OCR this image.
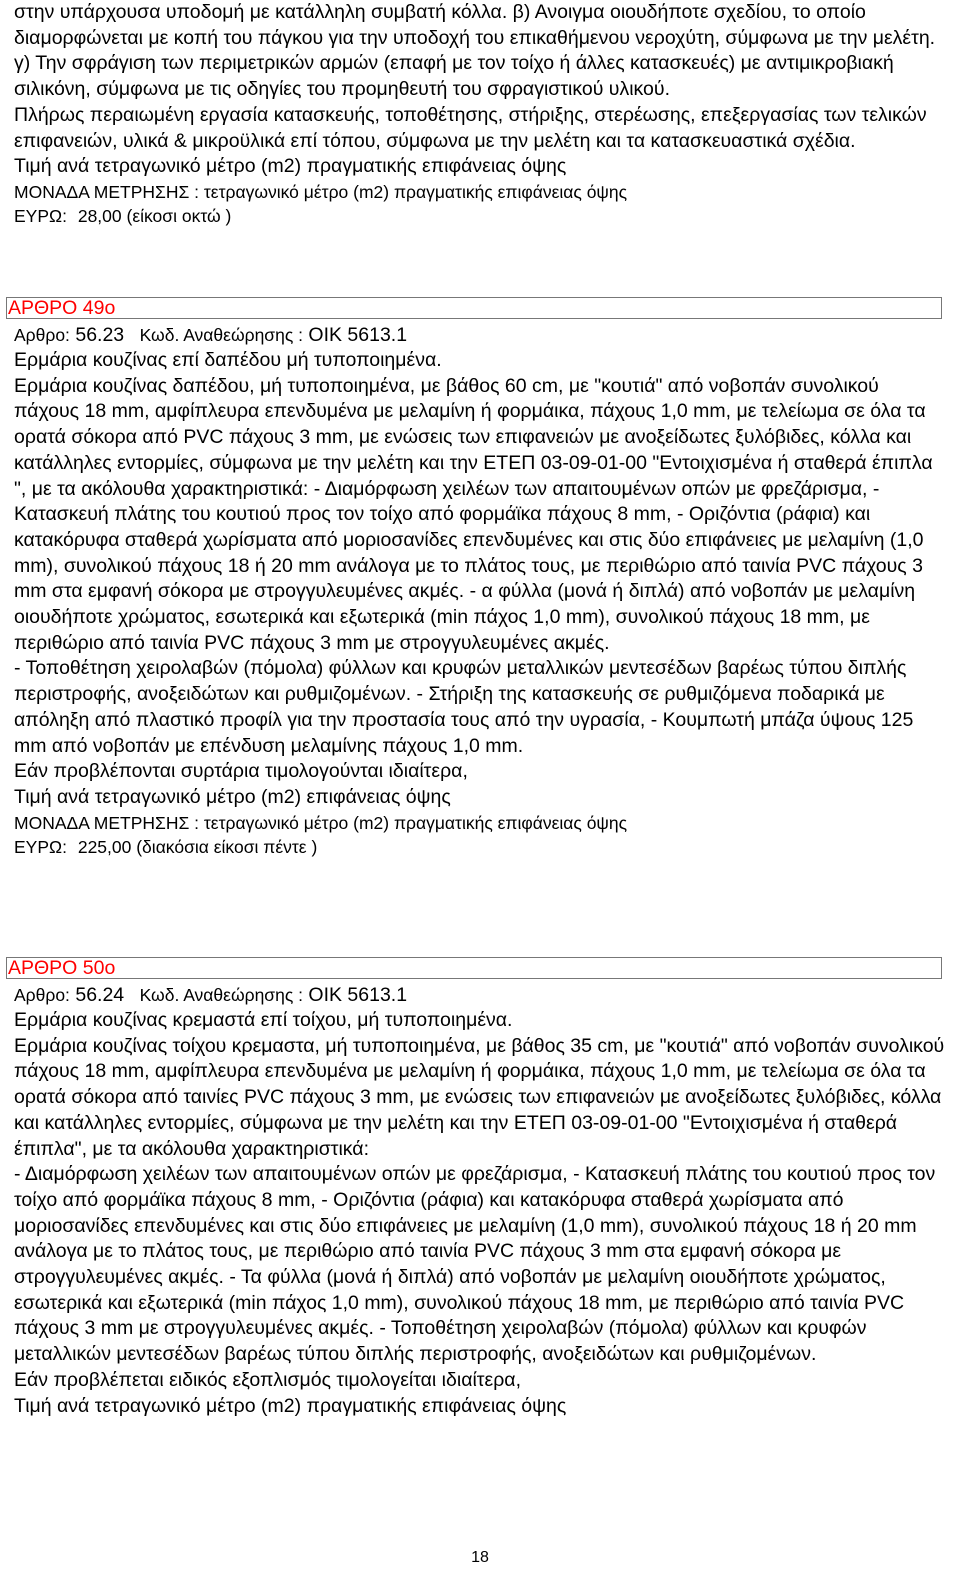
στην υπάρχουσα υποδομή με κατάλληλη συμβατή κόλλα. β) Ανοιγμα οιουδήποτε σχεδίου, το οποίο διαμορφώνεται με κοπή του πάγκου για την υποδοχή του επικαθήμενου νεροχύτη, σύμφωνα με την μελέτη. γ) Την σφράγιση των περιμετρικών αρμών (επαφή με τον τοίχο ή άλλες κατασκευές) με αντιμικροβιακή σιλικόνη, σύμφωνα με τις οδηγίες του προμηθευτή του σφραγιστικού υλικού.

Πλήρως περαιωμένη εργασία κατασκευής, τοποθέτησης, στήριξης, στερέωσης, επεξεργασίας των τελικών επιφανειών, υλικά & μικροϋλικά επί τόπου, σύμφωνα με την μελέτη και τα κατασκευαστικά σχέδια.

Τιμή ανά τετραγωνικό μέτρο (m2) πραγματικής επιφάνειας όψης

ΜΟΝΑΔΑ ΜΕΤΡΗΣΗΣ : τετραγωνικό μέτρο (m2) πραγματικής επιφάνειας όψης

ΕΥΡΩ: 28,00 (είκοσι οκτώ )

ΑΡΘΡΟ 49ο
Αρθρο: 56.23 Κωδ. Αναθεώρησης : ΟΙΚ 5613.1

Ερμάρια κουζίνας επί δαπέδου μή τυποποιημένα.

Ερμάρια κουζίνας δαπέδου, μή τυποποιημένα, με βάθος 60 cm, με "κουτιά" από νοβοπάν συνολικού πάχους 18 mm, αμφίπλευρα επενδυμένα με μελαμίνη ή φορμάικα, πάχους 1,0 mm, με τελείωμα σε όλα τα ορατά σόκορα από PVC πάχους 3 mm, με ενώσεις των επιφανειών με ανοξείδωτες ξυλόβιδες, κόλλα και κατάλληλες εντορμίες, σύμφωνα με την μελέτη και την ΕΤΕΠ 03-09-01-00 "Εντοιχισμένα ή σταθερά έπιπλα ", με τα ακόλουθα χαρακτηριστικά: - Διαμόρφωση χειλέων των απαιτουμένων οπών με φρεζάρισμα, - Κατασκευή πλάτης του κουτιού προς τον τοίχο από φορμάϊκα πάχους 8 mm, - Οριζόντια (ράφια) και κατακόρυφα σταθερά χωρίσματα από μοριοσανίδες επενδυμένες και στις δύο επιφάνειες με μελαμίνη (1,0 mm), συνολικού πάχους 18 ή 20 mm ανάλογα με το πλάτος τους, με περιθώριο από ταινία PVC πάχους 3 mm στα εμφανή σόκορα με στρογγυλευμένες ακμές. - α φύλλα (μονά ή διπλά) από νοβοπάν με μελαμίνη οιουδήποτε χρώματος, εσωτερικά και εξωτερικά (min πάχος 1,0 mm), συνολικού πάχους 18 mm, με περιθώριο από ταινία PVC πάχους 3 mm με στρογγυλευμένες ακμές.

- Τοποθέτηση χειρολαβών (πόμολα) φύλλων και κρυφών μεταλλικών μεντεσέδων βαρέως τύπου διπλής περιστροφής, ανοξειδώτων και ρυθμιζομένων. - Στήριξη της κατασκευής σε ρυθμιζόμενα ποδαρικά με απόληξη από πλαστικό προφίλ για την προστασία τους από την υγρασία, - Κουμπωτή μπάζα ύψους 125 mm από νοβοπάν με επένδυση μελαμίνης πάχους 1,0 mm.

Εάν προβλέπονται συρτάρια τιμολογούνται ιδιαίτερα,

Τιμή ανά τετραγωνικό μέτρο (m2) επιφάνειας όψης

ΜΟΝΑΔΑ ΜΕΤΡΗΣΗΣ : τετραγωνικό μέτρο (m2) πραγματικής επιφάνειας όψης

ΕΥΡΩ: 225,00 (διακόσια είκοσι πέντε )

ΑΡΘΡΟ 50ο
Αρθρο: 56.24 Κωδ. Αναθεώρησης : ΟΙΚ 5613.1

Ερμάρια κουζίνας κρεμαστά επί τοίχου, μή τυποποιημένα.

Ερμάρια κουζίνας τοίχου κρεμαστα, μή τυποποιημένα, με βάθος 35 cm, με "κουτιά" από νοβοπάν συνολικού πάχους 18 mm, αμφίπλευρα επενδυμένα με μελαμίνη ή φορμάικα, πάχους 1,0 mm, με τελείωμα σε όλα τα ορατά σόκορα από ταινίες PVC πάχους 3 mm, με ενώσεις των επιφανειών με ανοξείδωτες ξυλόβιδες, κόλλα και κατάλληλες εντορμίες, σύμφωνα με την μελέτη και την ΕΤΕΠ 03-09-01-00 "Εντοιχισμένα ή σταθερά έπιπλα", με τα ακόλουθα χαρακτηριστικά:

- Διαμόρφωση χειλέων των απαιτουμένων οπών με φρεζάρισμα, - Κατασκευή πλάτης του κουτιού προς τον τοίχο από φορμάϊκα πάχους 8 mm, - Οριζόντια (ράφια) και κατακόρυφα σταθερά χωρίσματα από μοριοσανίδες επενδυμένες και στις δύο επιφάνειες με μελαμίνη (1,0 mm), συνολικού πάχους 18 ή 20 mm ανάλογα με το πλάτος τους, με περιθώριο από ταινία PVC πάχους 3 mm στα εμφανή σόκορα με στρογγυλευμένες ακμές. - Τα φύλλα (μονά ή διπλά) από νοβοπάν με μελαμίνη οιουδήποτε χρώματος, εσωτερικά και εξωτερικά (min πάχος 1,0 mm), συνολικού πάχους 18 mm, με περιθώριο από ταινία PVC πάχους 3 mm με στρογγυλευμένες ακμές. - Τοποθέτηση χειρολαβών (πόμολα) φύλλων και κρυφών μεταλλικών μεντεσέδων βαρέως τύπου διπλής περιστροφής, ανοξειδώτων και ρυθμιζομένων.

Εάν προβλέπεται ειδικός εξοπλισμός τιμολογείται ιδιαίτερα,

Τιμή ανά τετραγωνικό μέτρο (m2) πραγματικής επιφάνειας όψης

18
